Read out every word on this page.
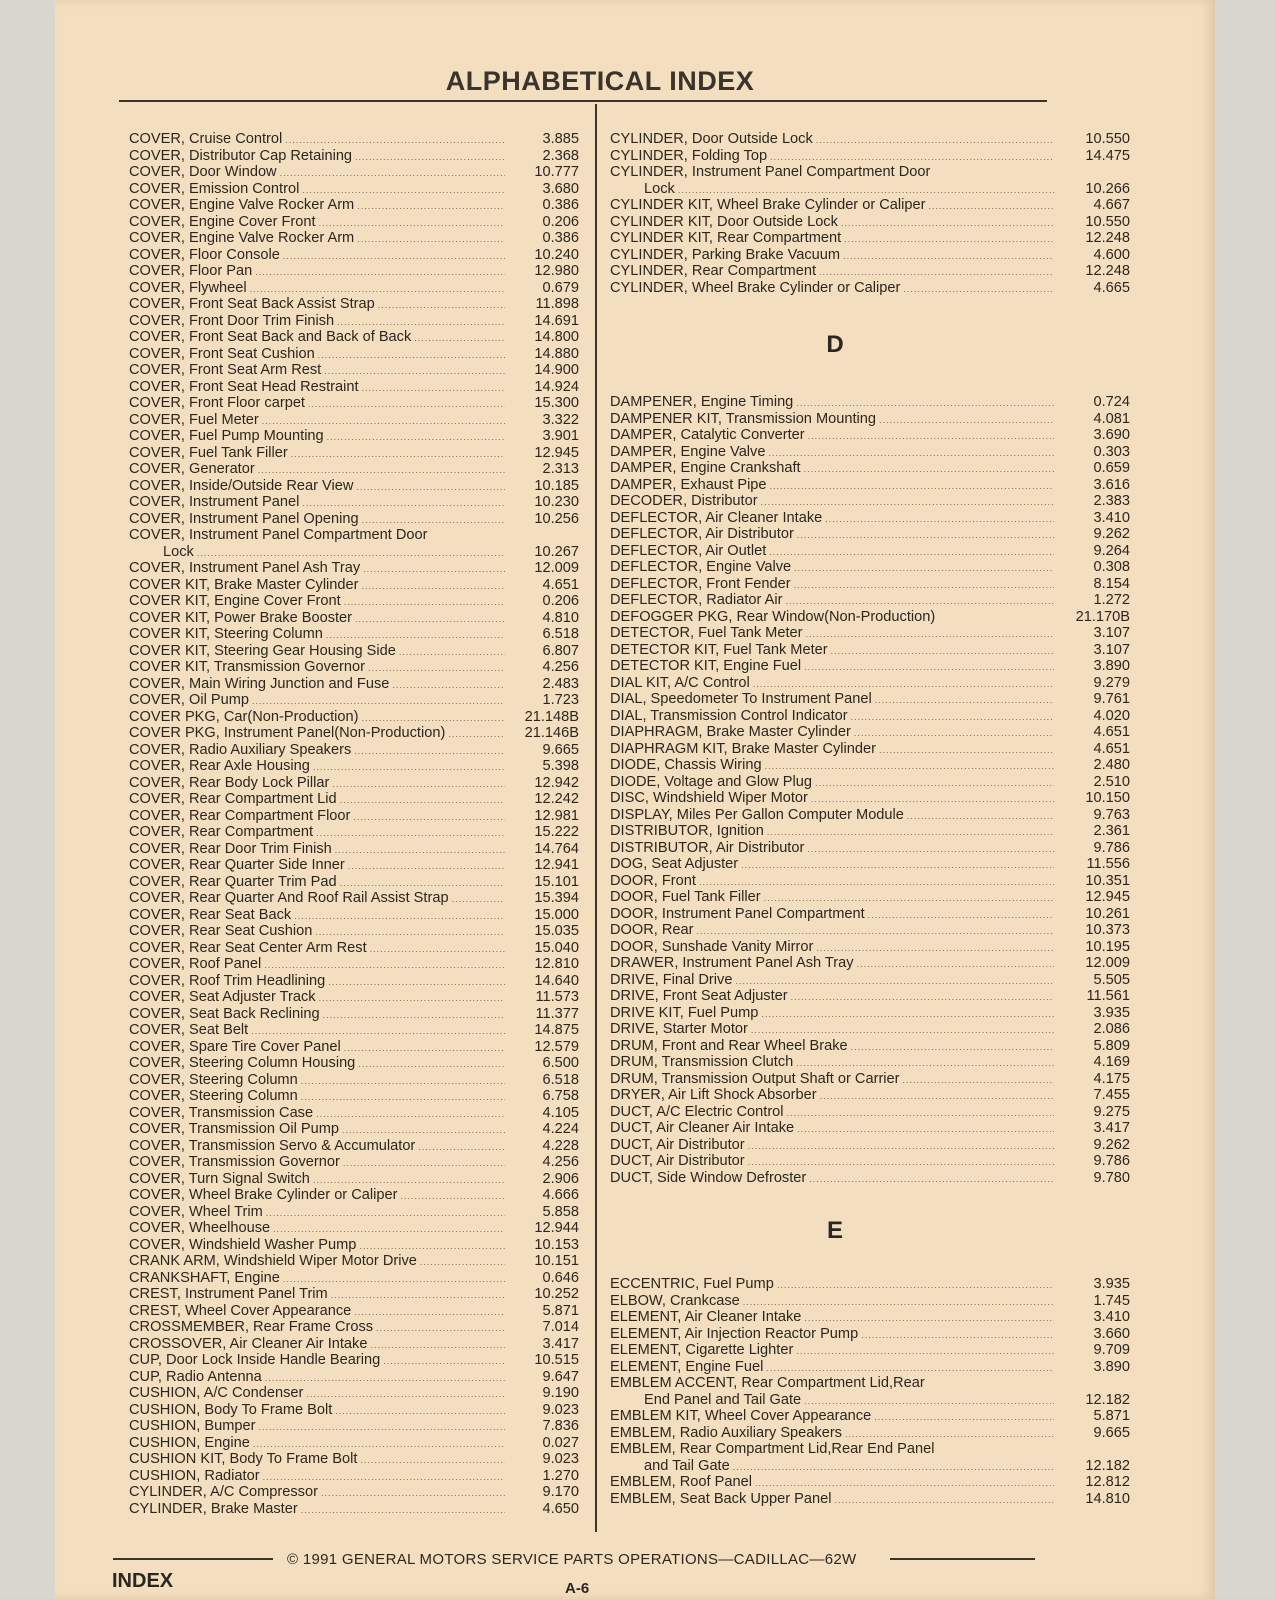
ALPHABETICAL INDEX
COVER, Cruise Control .....	3.885
COVER, Distributor Cap Retaining .....	2.368
COVER, Door Window .....	10.777
COVER, Emission Control .....	3.680
COVER, Engine Valve Rocker Arm .....	0.386
COVER, Engine Cover Front .....	0.206
COVER, Engine Valve Rocker Arm .....	0.386
COVER, Floor Console .....	10.240
COVER, Floor Pan .....	12.980
COVER, Flywheel .....	0.679
COVER, Front Seat Back Assist Strap .....	11.898
COVER, Front Door Trim Finish .....	14.691
COVER, Front Seat Back and Back of Back .....	14.800
COVER, Front Seat Cushion .....	14.880
COVER, Front Seat Arm Rest .....	14.900
COVER, Front Seat Head Restraint .....	14.924
COVER, Front Floor carpet .....	15.300
COVER, Fuel Meter .....	3.322
COVER, Fuel Pump Mounting .....	3.901
COVER, Fuel Tank Filler .....	12.945
COVER, Generator .....	2.313
COVER, Inside/Outside Rear View .....	10.185
COVER, Instrument Panel .....	10.230
COVER, Instrument Panel Opening .....	10.256
COVER, Instrument Panel Compartment Door
Lock .....	10.267
COVER, Instrument Panel Ash Tray .....	12.009
COVER KIT, Brake Master Cylinder .....	4.651
COVER KIT, Engine Cover Front .....	0.206
COVER KIT, Power Brake Booster .....	4.810
COVER KIT, Steering Column .....	6.518
COVER KIT, Steering Gear Housing Side .....	6.807
COVER KIT, Transmission Governor .....	4.256
COVER, Main Wiring Junction and Fuse .....	2.483
COVER, Oil Pump .....	1.723
COVER PKG, Car(Non-Production) .....	21.148B
COVER PKG, Instrument Panel(Non-Production) .....	21.146B
COVER, Radio Auxiliary Speakers .....	9.665
COVER, Rear Axle Housing .....	5.398
COVER, Rear Body Lock Pillar .....	12.942
COVER, Rear Compartment Lid .....	12.242
COVER, Rear Compartment Floor .....	12.981
COVER, Rear Compartment .....	15.222
COVER, Rear Door Trim Finish .....	14.764
COVER, Rear Quarter Side Inner .....	12.941
COVER, Rear Quarter Trim Pad .....	15.101
COVER, Rear Quarter And Roof Rail Assist Strap .....	15.394
COVER, Rear Seat Back .....	15.000
COVER, Rear Seat Cushion .....	15.035
COVER, Rear Seat Center Arm Rest .....	15.040
COVER, Roof Panel .....	12.810
COVER, Roof Trim Headlining .....	14.640
COVER, Seat Adjuster Track .....	11.573
COVER, Seat Back Reclining .....	11.377
COVER, Seat Belt .....	14.875
COVER, Spare Tire Cover Panel .....	12.579
COVER, Steering Column Housing .....	6.500
COVER, Steering Column .....	6.518
COVER, Steering Column .....	6.758
COVER, Transmission Case .....	4.105
COVER, Transmission Oil Pump .....	4.224
COVER, Transmission Servo & Accumulator .....	4.228
COVER, Transmission Governor .....	4.256
COVER, Turn Signal Switch .....	2.906
COVER, Wheel Brake Cylinder or Caliper .....	4.666
COVER, Wheel Trim .....	5.858
COVER, Wheelhouse .....	12.944
COVER, Windshield Washer Pump .....	10.153
CRANK ARM, Windshield Wiper Motor Drive .....	10.151
CRANKSHAFT, Engine .....	0.646
CREST, Instrument Panel Trim .....	10.252
CREST, Wheel Cover Appearance .....	5.871
CROSSMEMBER, Rear Frame Cross .....	7.014
CROSSOVER, Air Cleaner Air Intake .....	3.417
CUP, Door Lock Inside Handle Bearing .....	10.515
CUP, Radio Antenna .....	9.647
CUSHION, A/C Condenser .....	9.190
CUSHION, Body To Frame Bolt .....	9.023
CUSHION, Bumper .....	7.836
CUSHION, Engine .....	0.027
CUSHION KIT, Body To Frame Bolt .....	9.023
CUSHION, Radiator .....	1.270
CYLINDER, A/C Compressor .....	9.170
CYLINDER, Brake Master .....	4.650
CYLINDER, Door Outside Lock .....	10.550
CYLINDER, Folding Top .....	14.475
CYLINDER, Instrument Panel Compartment Door
Lock .....	10.266
CYLINDER KIT, Wheel Brake Cylinder or Caliper .....	4.667
CYLINDER KIT, Door Outside Lock .....	10.550
CYLINDER KIT, Rear Compartment .....	12.248
CYLINDER, Parking Brake Vacuum .....	4.600
CYLINDER, Rear Compartment .....	12.248
CYLINDER, Wheel Brake Cylinder or Caliper .....	4.665
D
DAMPENER, Engine Timing .....	0.724
DAMPENER KIT, Transmission Mounting .....	4.081
DAMPER, Catalytic Converter .....	3.690
DAMPER, Engine Valve .....	0.303
DAMPER, Engine Crankshaft .....	0.659
DAMPER, Exhaust Pipe .....	3.616
DECODER, Distributor .....	2.383
DEFLECTOR, Air Cleaner Intake .....	3.410
DEFLECTOR, Air Distributor .....	9.262
DEFLECTOR, Air Outlet .....	9.264
DEFLECTOR, Engine Valve .....	0.308
DEFLECTOR, Front Fender .....	8.154
DEFLECTOR, Radiator Air .....	1.272
DEFOGGER PKG, Rear Window(Non-Production)	21.170B
DETECTOR, Fuel Tank Meter .....	3.107
DETECTOR KIT, Fuel Tank Meter .....	3.107
DETECTOR KIT, Engine Fuel .....	3.890
DIAL KIT, A/C Control .....	9.279
DIAL, Speedometer To Instrument Panel .....	9.761
DIAL, Transmission Control Indicator .....	4.020
DIAPHRAGM, Brake Master Cylinder .....	4.651
DIAPHRAGM KIT, Brake Master Cylinder .....	4.651
DIODE, Chassis Wiring .....	2.480
DIODE, Voltage and Glow Plug .....	2.510
DISC, Windshield Wiper Motor .....	10.150
DISPLAY, Miles Per Gallon Computer Module .....	9.763
DISTRIBUTOR, Ignition .....	2.361
DISTRIBUTOR, Air Distributor .....	9.786
DOG, Seat Adjuster .....	11.556
DOOR, Front .....	10.351
DOOR, Fuel Tank Filler .....	12.945
DOOR, Instrument Panel Compartment .....	10.261
DOOR, Rear .....	10.373
DOOR, Sunshade Vanity Mirror .....	10.195
DRAWER, Instrument Panel Ash Tray .....	12.009
DRIVE, Final Drive .....	5.505
DRIVE, Front Seat Adjuster .....	11.561
DRIVE KIT, Fuel Pump .....	3.935
DRIVE, Starter Motor .....	2.086
DRUM, Front and Rear Wheel Brake .....	5.809
DRUM, Transmission Clutch .....	4.169
DRUM, Transmission Output Shaft or Carrier .....	4.175
DRYER, Air Lift Shock Absorber .....	7.455
DUCT, A/C Electric Control .....	9.275
DUCT, Air Cleaner Air Intake .....	3.417
DUCT, Air Distributor .....	9.262
DUCT, Air Distributor .....	9.786
DUCT, Side Window Defroster .....	9.780
E
ECCENTRIC, Fuel Pump .....	3.935
ELBOW, Crankcase .....	1.745
ELEMENT, Air Cleaner Intake .....	3.410
ELEMENT, Air Injection Reactor Pump .....	3.660
ELEMENT, Cigarette Lighter .....	9.709
ELEMENT, Engine Fuel .....	3.890
EMBLEM ACCENT, Rear Compartment Lid,Rear
End Panel and Tail Gate .....	12.182
EMBLEM KIT, Wheel Cover Appearance .....	5.871
EMBLEM, Radio Auxiliary Speakers .....	9.665
EMBLEM, Rear Compartment Lid,Rear End Panel
and Tail Gate .....	12.182
EMBLEM, Roof Panel .....	12.812
EMBLEM, Seat Back Upper Panel .....	14.810
© 1991 GENERAL MOTORS SERVICE PARTS OPERATIONS—CADILLAC—62W
INDEX	A-6
